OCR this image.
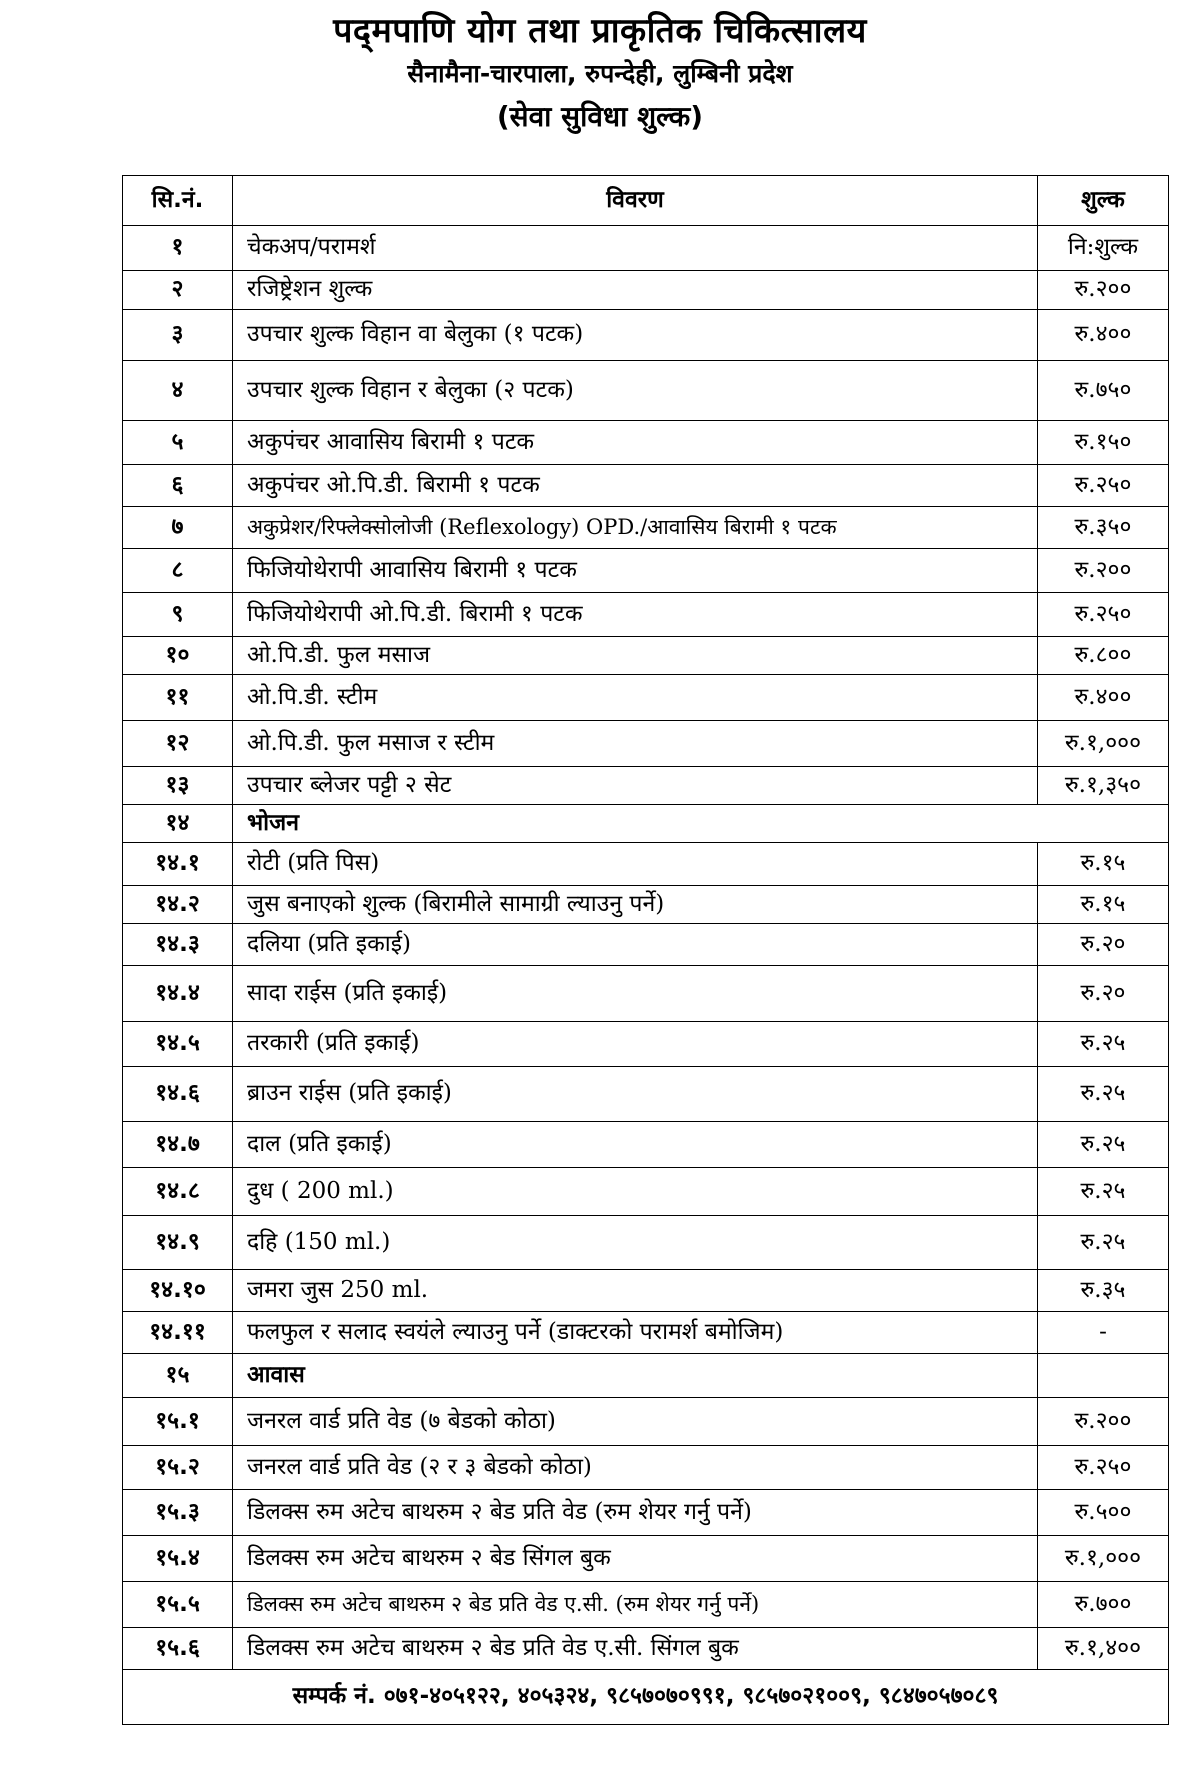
पद्‌मपाणि योग तथा प्राकृतिक चिकित्सालय
सैनामैना-चारपाला, रुपन्देही, लुम्बिनी प्रदेश
(सेवा सुविधा शुल्क)
सि.नं.	विवरण	शुल्क
१	चेकअप/परामर्श	नि:शुल्क
२	रजिष्ट्रेशन शुल्क	रु.२००
३	उपचार शुल्क विहान वा बेलुका (१ पटक)	रु.४००
४	उपचार शुल्क विहान र बेलुका (२ पटक)	रु.७५०
५	अकुपंचर आवासिय बिरामी १ पटक	रु.१५०
६	अकुपंचर ओ.पि.डी. बिरामी १ पटक	रु.२५०
७	अकुप्रेशर/रिफ्लेक्सोलोजी (Reflexology) OPD./आवासिय बिरामी १ पटक	रु.३५०
८	फिजियोथेरापी आवासिय बिरामी १ पटक	रु.२००
९	फिजियोथेरापी ओ.पि.डी. बिरामी १ पटक	रु.२५०
१०	ओ.पि.डी. फुल मसाज	रु.८००
११	ओ.पि.डी. स्टीम	रु.४००
१२	ओ.पि.डी. फुल मसाज र स्टीम	रु.१,०००
१३	उपचार ब्लेजर पट्टी २ सेट	रु.१,३५०
१४	भोजन	
१४.१	रोटी (प्रति पिस)	रु.१५
१४.२	जुस बनाएको शुल्क (बिरामीले सामाग्री ल्याउनु पर्ने)	रु.१५
१४.३	दलिया (प्रति इकाई)	रु.२०
१४.४	सादा राईस (प्रति इकाई)	रु.२०
१४.५	तरकारी (प्रति इकाई)	रु.२५
१४.६	ब्राउन राईस (प्रति इकाई)	रु.२५
१४.७	दाल (प्रति इकाई)	रु.२५
१४.८	दुध ( 200 ml.)	रु.२५
१४.९	दहि (150 ml.)	रु.२५
१४.१०	जमरा जुस 250 ml.	रु.३५
१४.११	फलफुल र सलाद स्वयंले ल्याउनु पर्ने (डाक्टरको परामर्श बमोजिम)	-
१५	आवास	
१५.१	जनरल वार्ड प्रति वेड (७ बेडको कोठा)	रु.२००
१५.२	जनरल वार्ड प्रति वेड (२ र ३ बेडको कोठा)	रु.२५०
१५.३	डिलक्स रुम अटेच बाथरुम २ बेड प्रति वेड (रुम शेयर गर्नु पर्ने)	रु.५००
१५.४	डिलक्स रुम अटेच बाथरुम २ बेड सिंगल बुक	रु.१,०००
१५.५	डिलक्स रुम अटेच बाथरुम २ बेड प्रति वेड ए.सी. (रुम शेयर गर्नु पर्ने)	रु.७००
१५.६	डिलक्स रुम अटेच बाथरुम २ बेड प्रति वेड ए.सी. सिंगल बुक	रु.१,४००
सम्पर्क नं. ०७१-४०५१२२, ४०५३२४, ९८५७०७०९९१, ९८५७०२१००९, ९८४७०५७०८९		
